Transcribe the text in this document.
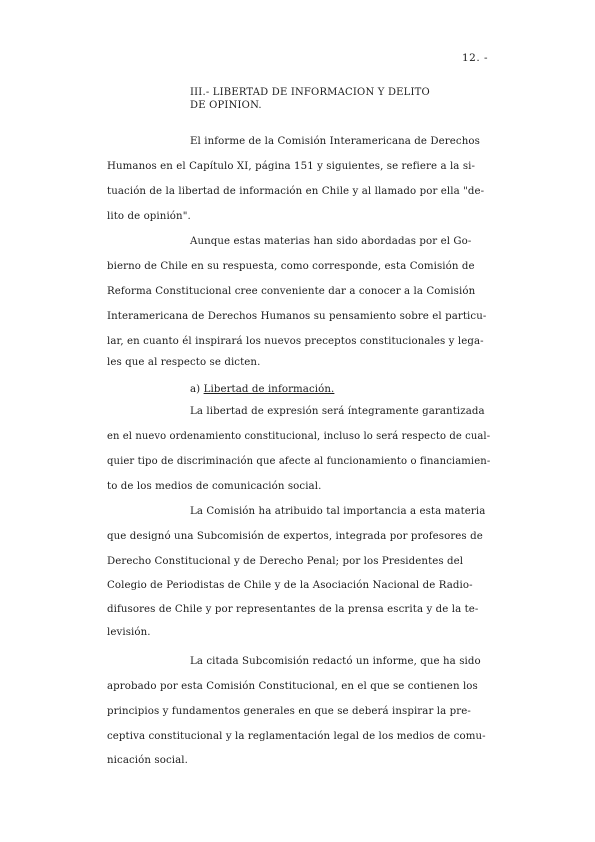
12. -
III.- LIBERTAD DE INFORMACION Y DELITO
DE OPINION.
El informe de la Comisión Interamericana de Derechos
Humanos en el Capítulo XI, página 151 y siguientes, se refiere a la si-
tuación de la libertad de información en Chile y al llamado por ella "de-
lito de opinión".
Aunque estas materias han sido abordadas por el Go-
bierno de Chile en su respuesta, como corresponde, esta Comisión de
Reforma Constitucional cree conveniente dar a conocer a la Comisión
Interamericana de Derechos Humanos su pensamiento sobre el particu-
lar, en cuanto él inspirará los nuevos preceptos constitucionales y lega-
les que al respecto se dicten.
a) Libertad de información.
La libertad de expresión será íntegramente garantizada
en el nuevo ordenamiento constitucional, incluso lo será respecto de cual-
quier tipo de discriminación que afecte al funcionamiento o financiamien-
to de los medios de comunicación social.
La Comisión ha atribuido tal importancia a esta materia
que designó una Subcomisión de expertos, integrada por profesores de
Derecho Constitucional y de Derecho Penal; por los Presidentes del
Colegio de Periodistas de Chile y de la Asociación Nacional de Radio-
difusores de Chile y por representantes de la prensa escrita y de la te-
levisión.
La citada Subcomisión redactó un informe, que ha sido
aprobado por esta Comisión Constitucional, en el que se contienen los
principios y fundamentos generales en que se deberá inspirar la pre-
ceptiva constitucional y la reglamentación legal de los medios de comu-
nicación social.
